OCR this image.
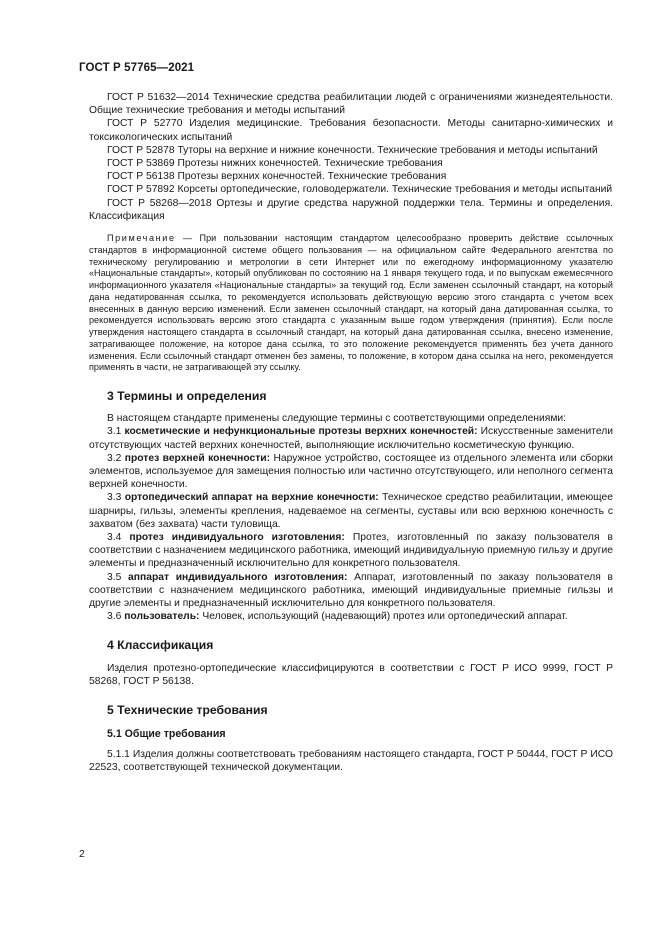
ГОСТ Р 57765—2021

ГОСТ Р 51632—2014 Технические средства реабилитации людей с ограничениями жизнедеятельности. Общие технические требования и методы испытаний

ГОСТ Р 52770 Изделия медицинские. Требования безопасности. Методы санитарно-химических и токсикологических испытаний

ГОСТ Р 52878 Туторы на верхние и нижние конечности. Технические требования и методы испытаний

ГОСТ Р 53869 Протезы нижних конечностей. Технические требования

ГОСТ Р 56138 Протезы верхних конечностей. Технические требования

ГОСТ Р 57892 Корсеты ортопедические, головодержатели. Технические требования и методы испытаний

ГОСТ Р 58268—2018 Ортезы и другие средства наружной поддержки тела. Термины и определения. Классификация

Примечание — При пользовании настоящим стандартом целесообразно проверить действие ссылочных стандартов в информационной системе общего пользования — на официальном сайте Федерального агентства по техническому регулированию и метрологии в сети Интернет или по ежегодному информационному указателю «Национальные стандарты», который опубликован по состоянию на 1 января текущего года, и по выпускам ежемесячного информационного указателя «Национальные стандарты» за текущий год. Если заменен ссылочный стандарт, на который дана недатированная ссылка, то рекомендуется использовать действующую версию этого стандарта с учетом всех внесенных в данную версию изменений. Если заменен ссылочный стандарт, на который дана датированная ссылка, то рекомендуется использовать версию этого стандарта с указанным выше годом утверждения (принятия). Если после утверждения настоящего стандарта в ссылочный стандарт, на который дана датированная ссылка, внесено изменение, затрагивающее положение, на которое дана ссылка, то это положение рекомендуется применять без учета данного изменения. Если ссылочный стандарт отменен без замены, то положение, в котором дана ссылка на него, рекомендуется применять в части, не затрагивающей эту ссылку.

3 Термины и определения

В настоящем стандарте применены следующие термины с соответствующими определениями:

3.1 косметические и нефункциональные протезы верхних конечностей: Искусственные заменители отсутствующих частей верхних конечностей, выполняющие исключительно косметическую функцию.

3.2 протез верхней конечности: Наружное устройство, состоящее из отдельного элемента или сборки элементов, используемое для замещения полностью или частично отсутствующего, или неполного сегмента верхней конечности.

3.3 ортопедический аппарат на верхние конечности: Техническое средство реабилитации, имеющее шарниры, гильзы, элементы крепления, надеваемое на сегменты, суставы или всю верхнюю конечность с захватом (без захвата) части туловища.

3.4 протез индивидуального изготовления: Протез, изготовленный по заказу пользователя в соответствии с назначением медицинского работника, имеющий индивидуальную приемную гильзу и другие элементы и предназначенный исключительно для конкретного пользователя.

3.5 аппарат индивидуального изготовления: Аппарат, изготовленный по заказу пользователя в соответствии с назначением медицинского работника, имеющий индивидуальные приемные гильзы и другие элементы и предназначенный исключительно для конкретного пользователя.

3.6 пользователь: Человек, использующий (надевающий) протез или ортопедический аппарат.

4 Классификация

Изделия протезно-ортопедические классифицируются в соответствии с ГОСТ Р ИСО 9999, ГОСТ Р 58268, ГОСТ Р 56138.

5 Технические требования
5.1 Общие требования

5.1.1 Изделия должны соответствовать требованиям настоящего стандарта, ГОСТ Р 50444, ГОСТ Р ИСО 22523, соответствующей технической документации.

2
